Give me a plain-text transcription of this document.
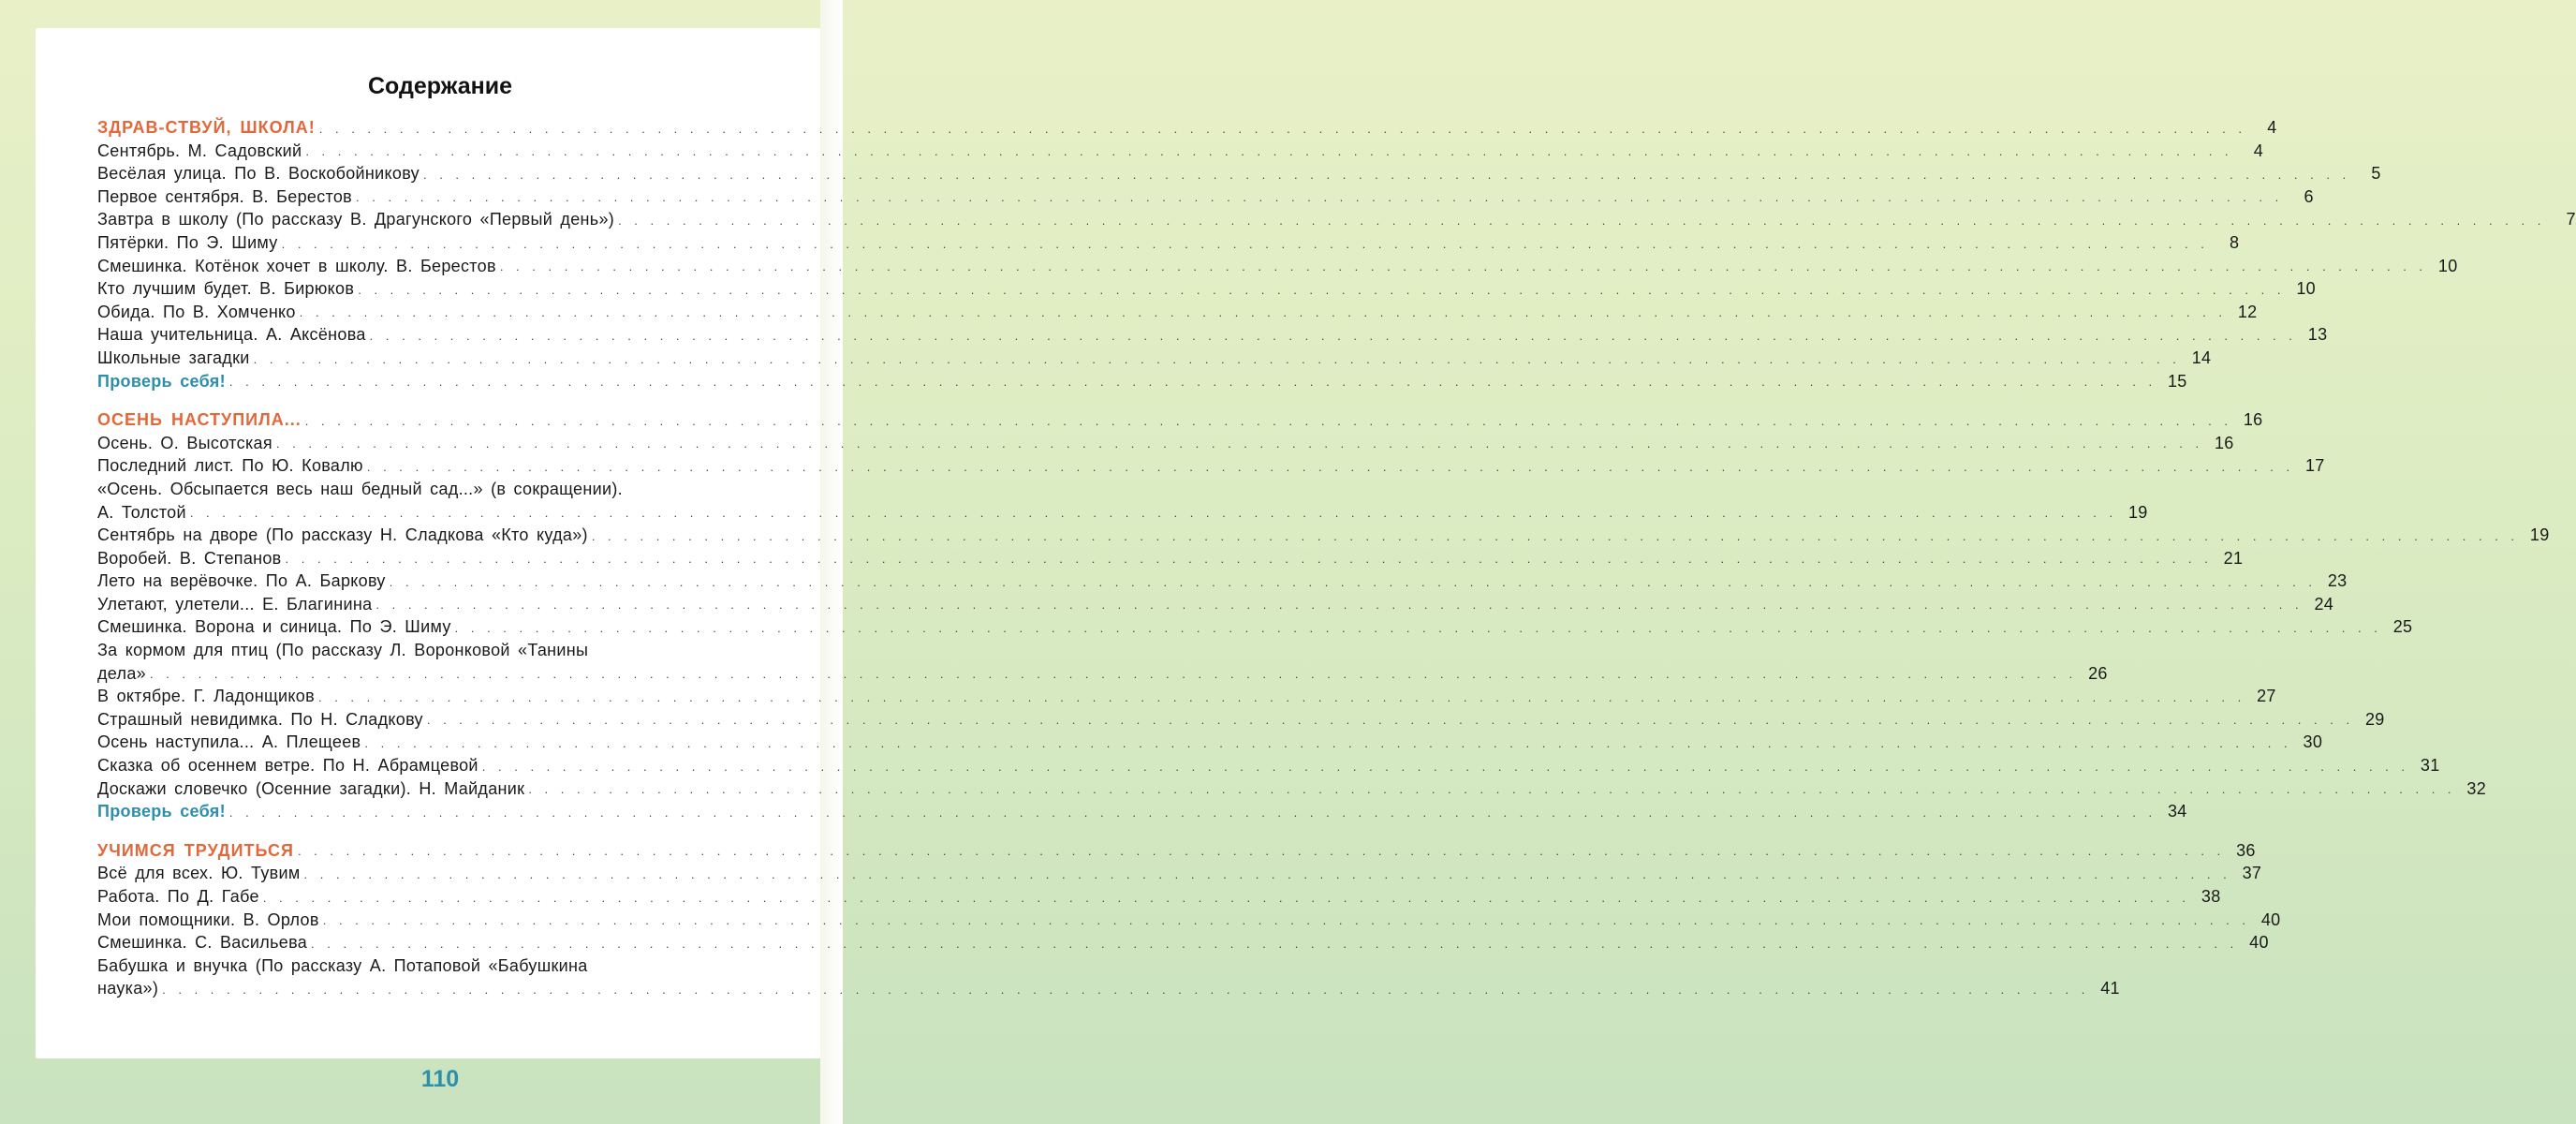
Содержание
ЗДРАВ-СТВУЙ, ШКОЛА! . . . . . . . . . . . . . . . . . . . . . . . . . . . . . . . . . . . . . . . . . . . . . . . . . . . . . . . . . . . . . . . . . . . . . . . . . . . . . . . . . . . . . . . . . . . . . . . . . . . . . . . . . . . . . . . . . . . . . . . .	4
Сентябрь. М. Садовский . . . . . . . . . . . . . . . . . . . . . . . . . . . . . . . . . . . . . . . . . . . . . . . . . . . . . . . . . . . . . . . . . . . . . . . . . . . . . . . . . . . . . . . . . . . . . . . . . . . . . . . . . . . . . . . . . . . . . . . .	4
Весёлая улица. По В. Воскобойникову . . . . . . . . . . . . . . . . . . . . . . . . . . . . . . . . . . . . . . . . . . . . . . . . . . . . . . . . . . . . . . . . . . . . . . . . . . . . . . . . . . . . . . . . . . . . . . . . . . . . . . . . . . . . . . . . . . . . . . . .	5
Первое сентября. В. Берестов . . . . . . . . . . . . . . . . . . . . . . . . . . . . . . . . . . . . . . . . . . . . . . . . . . . . . . . . . . . . . . . . . . . . . . . . . . . . . . . . . . . . . . . . . . . . . . . . . . . . . . . . . . . . . . . . . . . . . . . .	6
Завтра в школу (По рассказу В. Драгунского «Первый день») . . . . . . . . . . . . . . . . . . . . . . . . . . . . . . . . . . . . . . . . . . . . . . . . . . . . . . . . . . . . . . . . . . . . . . . . . . . . . . . . . . . . . . . . . . . . . . . . . . . . . . . . . . . . . . . . . . . . . . . .	7
Пятёрки. По Э. Шиму . . . . . . . . . . . . . . . . . . . . . . . . . . . . . . . . . . . . . . . . . . . . . . . . . . . . . . . . . . . . . . . . . . . . . . . . . . . . . . . . . . . . . . . . . . . . . . . . . . . . . . . . . . . . . . . . . . . . . . . .	8
Смешинка. Котёнок хочет в школу. В. Берестов . . . . . . . . . . . . . . . . . . . . . . . . . . . . . . . . . . . . . . . . . . . . . . . . . . . . . . . . . . . . . . . . . . . . . . . . . . . . . . . . . . . . . . . . . . . . . . . . . . . . . . . . . . . . . . . . . . . . . . . . 10
Кто лучшим будет. В. Бирюков . . . . . . . . . . . . . . . . . . . . . . . . . . . . . . . . . . . . . . . . . . . . . . . . . . . . . . . . . . . . . . . . . . . . . . . . . . . . . . . . . . . . . . . . . . . . . . . . . . . . . . . . . . . . . . . . . . . . . . . . 10
Обида. По В. Хомченко . . . . . . . . . . . . . . . . . . . . . . . . . . . . . . . . . . . . . . . . . . . . . . . . . . . . . . . . . . . . . . . . . . . . . . . . . . . . . . . . . . . . . . . . . . . . . . . . . . . . . . . . . . . . . . . . . . . . . . . . 12
Наша учительница. А. Аксёнова . . . . . . . . . . . . . . . . . . . . . . . . . . . . . . . . . . . . . . . . . . . . . . . . . . . . . . . . . . . . . . . . . . . . . . . . . . . . . . . . . . . . . . . . . . . . . . . . . . . . . . . . . . . . . . . . . . . . . . . . 13
Школьные загадки . . . . . . . . . . . . . . . . . . . . . . . . . . . . . . . . . . . . . . . . . . . . . . . . . . . . . . . . . . . . . . . . . . . . . . . . . . . . . . . . . . . . . . . . . . . . . . . . . . . . . . . . . . . . . . . . . . . . . . . . 14
Проверь себя! . . . . . . . . . . . . . . . . . . . . . . . . . . . . . . . . . . . . . . . . . . . . . . . . . . . . . . . . . . . . . . . . . . . . . . . . . . . . . . . . . . . . . . . . . . . . . . . . . . . . . . . . . . . . . . . . . . . . . . . . 15
ОСЕНЬ НАСТУПИЛА... . . . . . . . . . . . . . . . . . . . . . . . . . . . . . . . . . . . . . . . . . . . . . . . . . . . . . . . . . . . . . . . . . . . . . . . . . . . . . . . . . . . . . . . . . . . . . . . . . . . . . . . . . . . . . . . . . . . . . . . . 16
Осень. О. Высотская . . . . . . . . . . . . . . . . . . . . . . . . . . . . . . . . . . . . . . . . . . . . . . . . . . . . . . . . . . . . . . . . . . . . . . . . . . . . . . . . . . . . . . . . . . . . . . . . . . . . . . . . . . . . . . . . . . . . . . . . 16
Последний лист. По Ю. Ковалю . . . . . . . . . . . . . . . . . . . . . . . . . . . . . . . . . . . . . . . . . . . . . . . . . . . . . . . . . . . . . . . . . . . . . . . . . . . . . . . . . . . . . . . . . . . . . . . . . . . . . . . . . . . . . . . . . . . . . . . . 17
«Осень. Обсыпается весь наш бедный сад...» (в сокращении).
А. Толстой . . . . . . . . . . . . . . . . . . . . . . . . . . . . . . . . . . . . . . . . . . . . . . . . . . . . . . . . . . . . . . . . . . . . . . . . . . . . . . . . . . . . . . . . . . . . . . . . . . . . . . . . . . . . . . . . . . . . . . . . 19
Сентябрь на дворе (По рассказу Н. Сладкова «Кто куда») . . . . . . . . . . . . . . . . . . . . . . . . . . . . . . . . . . . . . . . . . . . . . . . . . . . . . . . . . . . . . . . . . . . . . . . . . . . . . . . . . . . . . . . . . . . . . . . . . . . . . . . . . . . . . . . . . . . . . . . . 19
Воробей. В. Степанов . . . . . . . . . . . . . . . . . . . . . . . . . . . . . . . . . . . . . . . . . . . . . . . . . . . . . . . . . . . . . . . . . . . . . . . . . . . . . . . . . . . . . . . . . . . . . . . . . . . . . . . . . . . . . . . . . . . . . . . . 21
Лето на верёвочке. По А. Баркову . . . . . . . . . . . . . . . . . . . . . . . . . . . . . . . . . . . . . . . . . . . . . . . . . . . . . . . . . . . . . . . . . . . . . . . . . . . . . . . . . . . . . . . . . . . . . . . . . . . . . . . . . . . . . . . . . . . . . . . . 23
Улетают, улетели... Е. Благинина . . . . . . . . . . . . . . . . . . . . . . . . . . . . . . . . . . . . . . . . . . . . . . . . . . . . . . . . . . . . . . . . . . . . . . . . . . . . . . . . . . . . . . . . . . . . . . . . . . . . . . . . . . . . . . . . . . . . . . . . 24
Смешинка. Ворона и синица. По Э. Шиму . . . . . . . . . . . . . . . . . . . . . . . . . . . . . . . . . . . . . . . . . . . . . . . . . . . . . . . . . . . . . . . . . . . . . . . . . . . . . . . . . . . . . . . . . . . . . . . . . . . . . . . . . . . . . . . . . . . . . . . . 25
За кормом для птиц (По рассказу Л. Воронковой «Танины
дела» . . . . . . . . . . . . . . . . . . . . . . . . . . . . . . . . . . . . . . . . . . . . . . . . . . . . . . . . . . . . . . . . . . . . . . . . . . . . . . . . . . . . . . . . . . . . . . . . . . . . . . . . . . . . . . . . . . . . . . . . 26
В октябре. Г. Ладонщиков . . . . . . . . . . . . . . . . . . . . . . . . . . . . . . . . . . . . . . . . . . . . . . . . . . . . . . . . . . . . . . . . . . . . . . . . . . . . . . . . . . . . . . . . . . . . . . . . . . . . . . . . . . . . . . . . . . . . . . . . 27
Страшный невидимка. По Н. Сладкову . . . . . . . . . . . . . . . . . . . . . . . . . . . . . . . . . . . . . . . . . . . . . . . . . . . . . . . . . . . . . . . . . . . . . . . . . . . . . . . . . . . . . . . . . . . . . . . . . . . . . . . . . . . . . . . . . . . . . . . . 29
Осень наступила... А. Плещеев . . . . . . . . . . . . . . . . . . . . . . . . . . . . . . . . . . . . . . . . . . . . . . . . . . . . . . . . . . . . . . . . . . . . . . . . . . . . . . . . . . . . . . . . . . . . . . . . . . . . . . . . . . . . . . . . . . . . . . . . 30
Сказка об осеннем ветре. По Н. Абрамцевой . . . . . . . . . . . . . . . . . . . . . . . . . . . . . . . . . . . . . . . . . . . . . . . . . . . . . . . . . . . . . . . . . . . . . . . . . . . . . . . . . . . . . . . . . . . . . . . . . . . . . . . . . . . . . . . . . . . . . . . . 31
Доскажи словечко (Осенние загадки). Н. Майданик . . . . . . . . . . . . . . . . . . . . . . . . . . . . . . . . . . . . . . . . . . . . . . . . . . . . . . . . . . . . . . . . . . . . . . . . . . . . . . . . . . . . . . . . . . . . . . . . . . . . . . . . . . . . . . . . . . . . . . . . 32
Проверь себя! . . . . . . . . . . . . . . . . . . . . . . . . . . . . . . . . . . . . . . . . . . . . . . . . . . . . . . . . . . . . . . . . . . . . . . . . . . . . . . . . . . . . . . . . . . . . . . . . . . . . . . . . . . . . . . . . . . . . . . . . 34
УЧИМСЯ ТРУДИТЬСЯ . . . . . . . . . . . . . . . . . . . . . . . . . . . . . . . . . . . . . . . . . . . . . . . . . . . . . . . . . . . . . . . . . . . . . . . . . . . . . . . . . . . . . . . . . . . . . . . . . . . . . . . . . . . . . . . . . . . . . . . . 36
Всё для всех. Ю. Тувим . . . . . . . . . . . . . . . . . . . . . . . . . . . . . . . . . . . . . . . . . . . . . . . . . . . . . . . . . . . . . . . . . . . . . . . . . . . . . . . . . . . . . . . . . . . . . . . . . . . . . . . . . . . . . . . . . . . . . . . . 37
Работа. По Д. Габе . . . . . . . . . . . . . . . . . . . . . . . . . . . . . . . . . . . . . . . . . . . . . . . . . . . . . . . . . . . . . . . . . . . . . . . . . . . . . . . . . . . . . . . . . . . . . . . . . . . . . . . . . . . . . . . . . . . . . . . . 38
Мои помощники. В. Орлов . . . . . . . . . . . . . . . . . . . . . . . . . . . . . . . . . . . . . . . . . . . . . . . . . . . . . . . . . . . . . . . . . . . . . . . . . . . . . . . . . . . . . . . . . . . . . . . . . . . . . . . . . . . . . . . . . . . . . . . . 40
Смешинка. С. Васильева . . . . . . . . . . . . . . . . . . . . . . . . . . . . . . . . . . . . . . . . . . . . . . . . . . . . . . . . . . . . . . . . . . . . . . . . . . . . . . . . . . . . . . . . . . . . . . . . . . . . . . . . . . . . . . . . . . . . . . . . 40
Бабушка и внучка (По рассказу А. Потаповой «Бабушкина
наука») . . . . . . . . . . . . . . . . . . . . . . . . . . . . . . . . . . . . . . . . . . . . . . . . . . . . . . . . . . . . . . . . . . . . . . . . . . . . . . . . . . . . . . . . . . . . . . . . . . . . . . . . . . . . . . . . . . . . . . . . 41
110
